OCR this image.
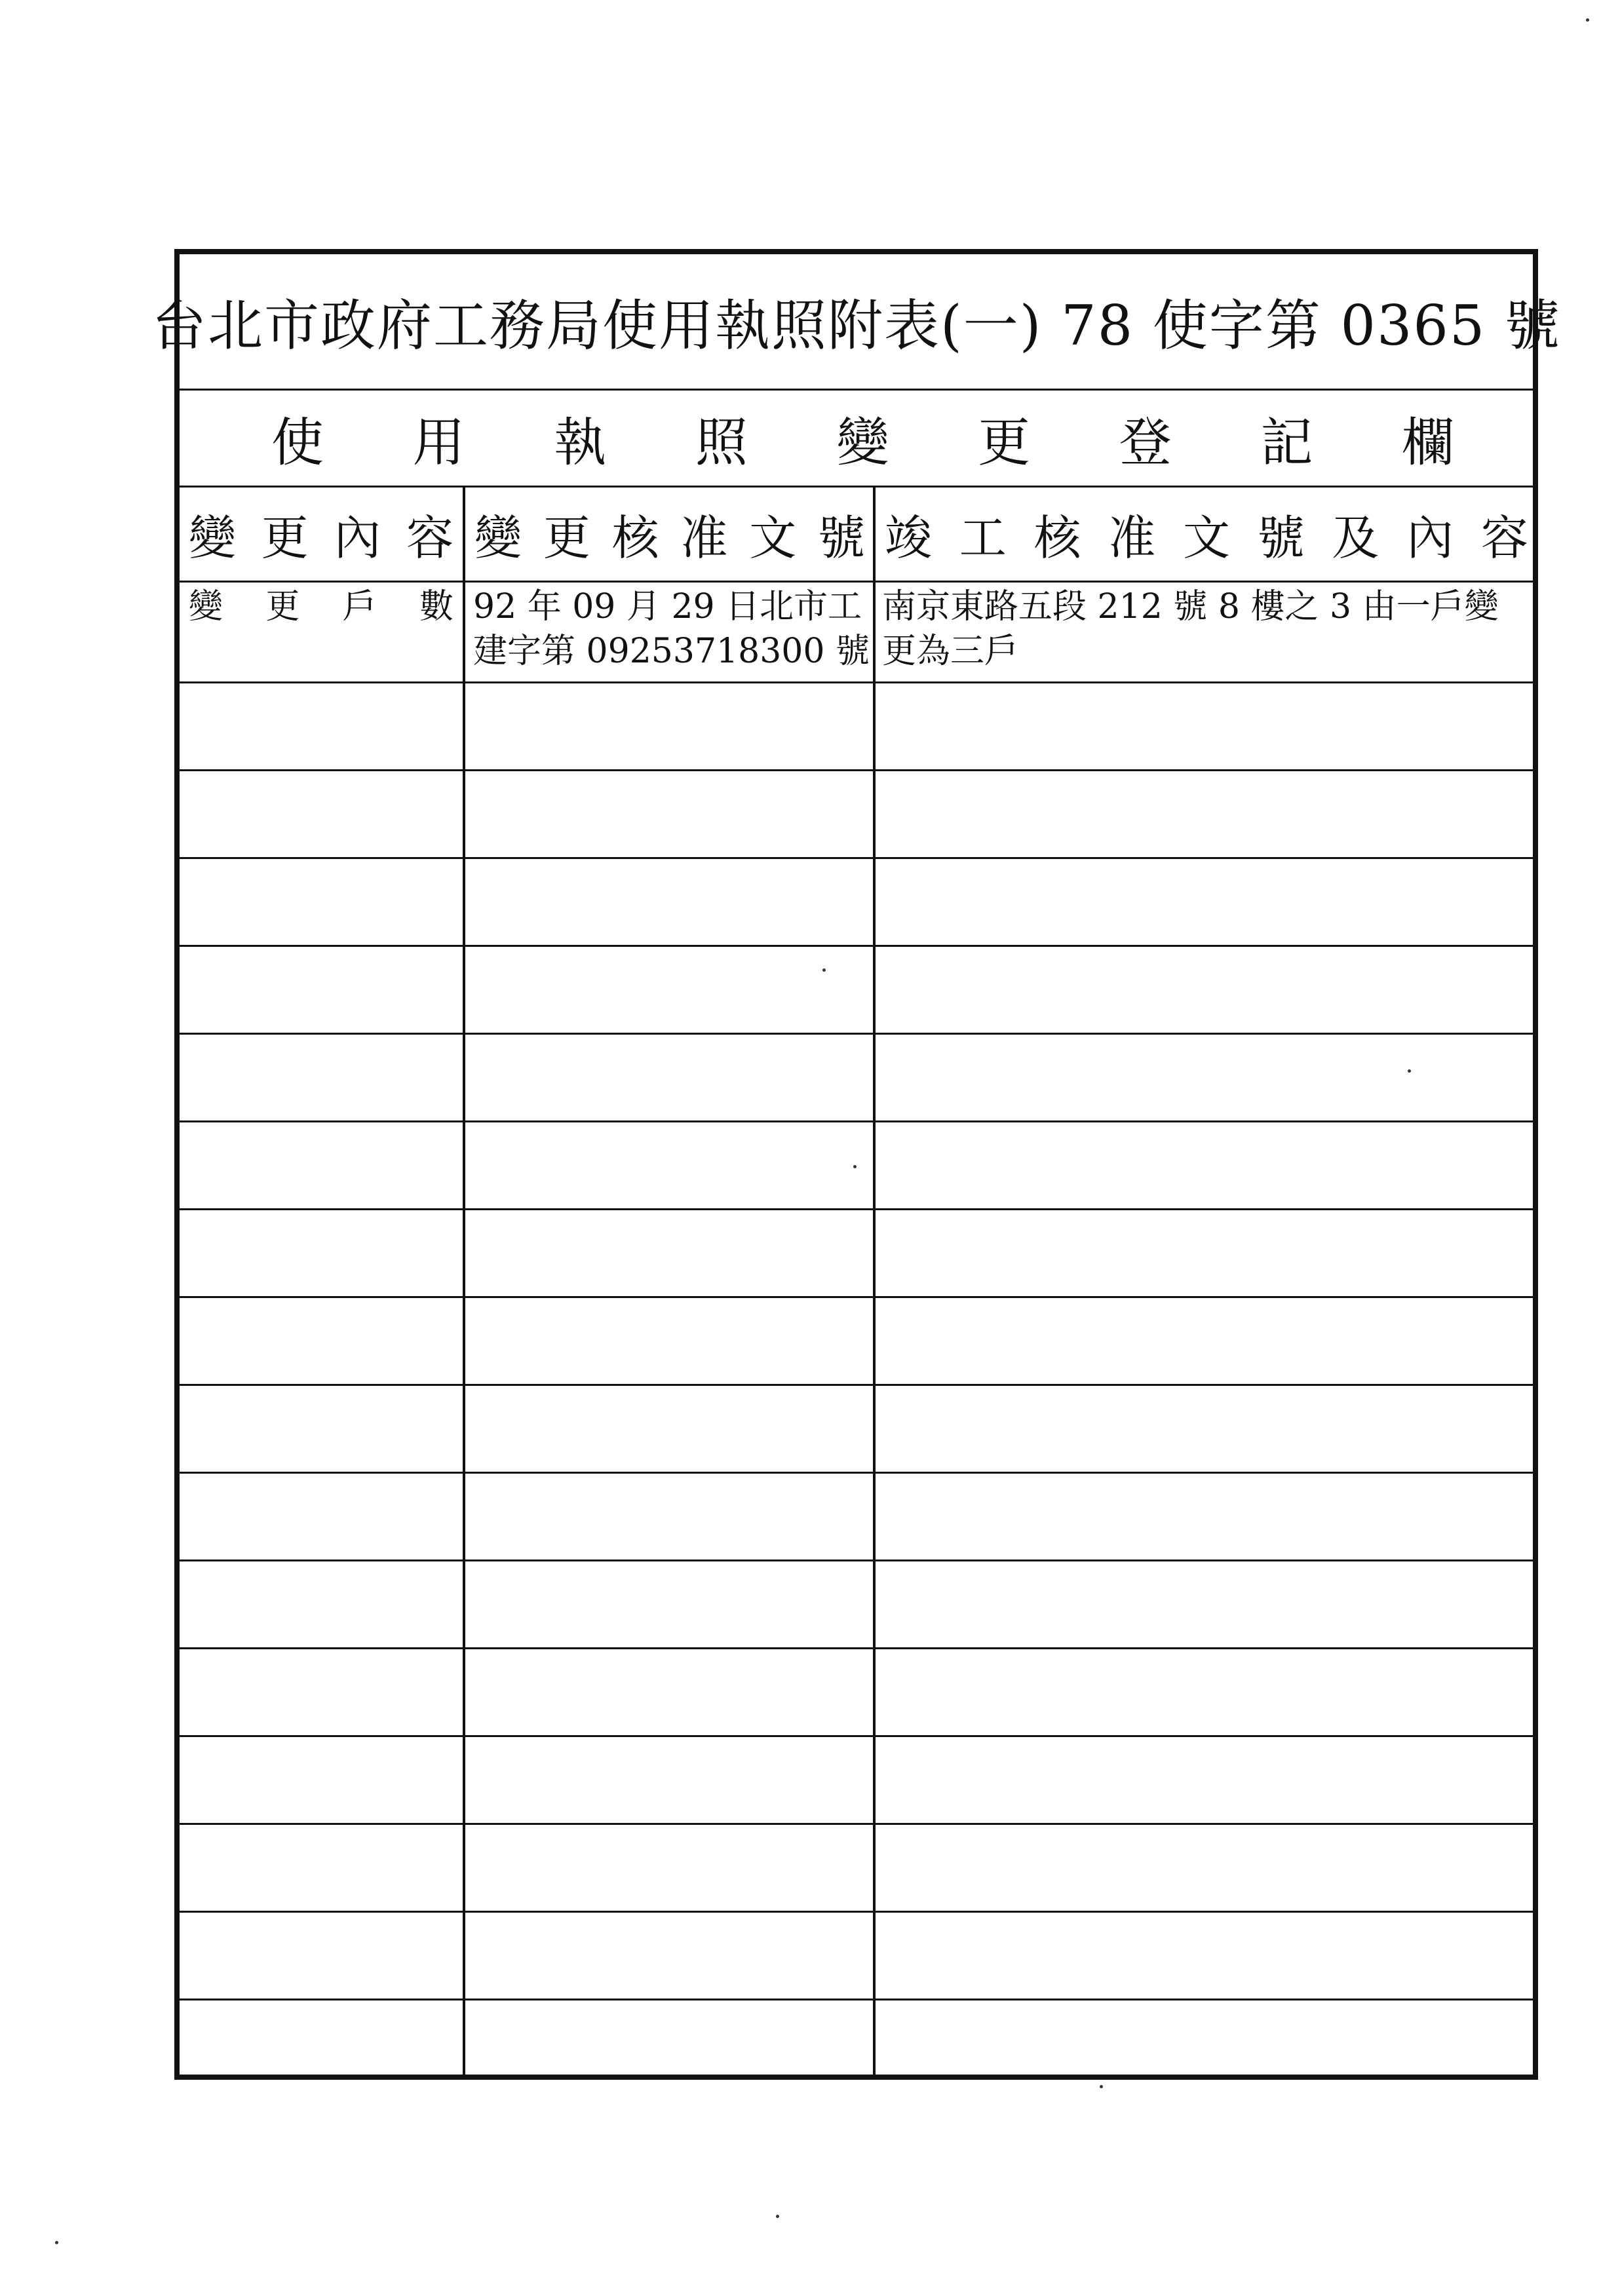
台北市政府工務局使用執照附表(一) 78 使字第 0365 號
使 用 執 照 變 更 登 記 欄
變 更 內 容 變 更 核 准 文 號 竣 工 核 准 文 號 及 內 容
變 更 戶 數 92 年 09 月 29 日北市工
建字第 09253718300 號
南京東路五段 212 號 8 樓之 3 由一戶變
更為三戶
